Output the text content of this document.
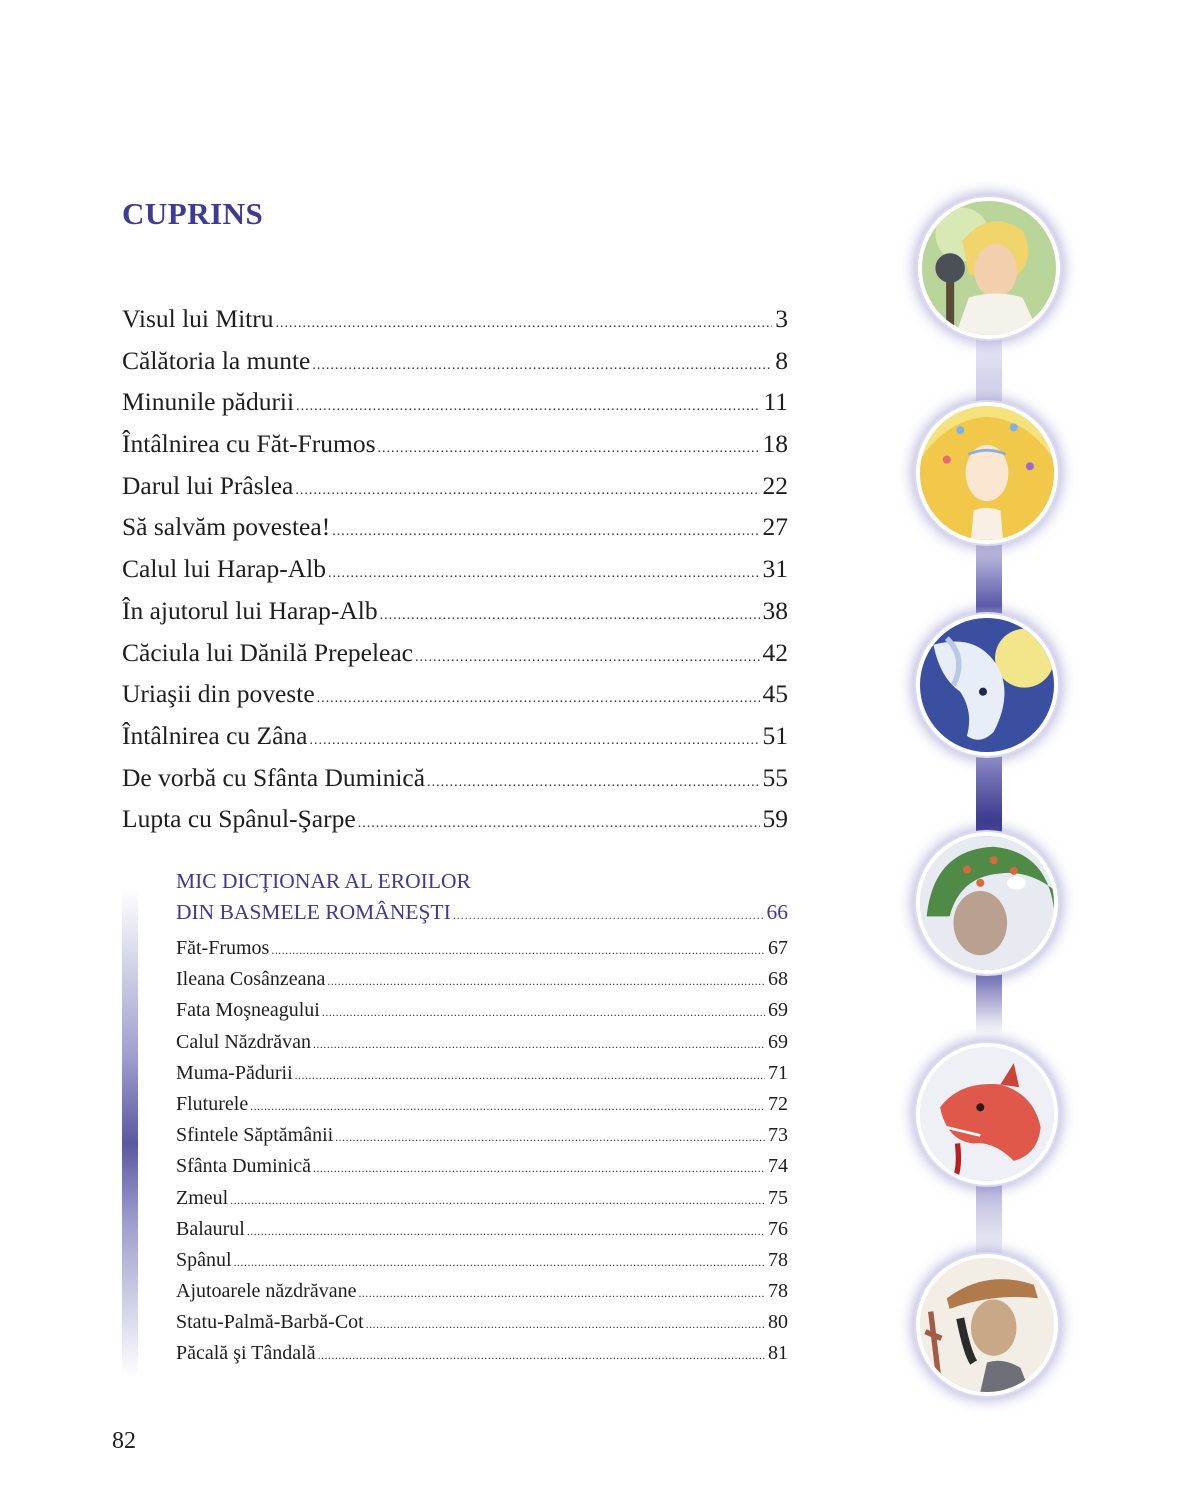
CUPRINS
Visul lui Mitru .....	3
Călătoria la munte .....	8
Minunile pădurii .....	11
Întâlnirea cu Făt-Frumos .....	18
Darul lui Prâslea .....	22
Să salvăm povestea! .....	27
Calul lui Harap-Alb .....	31
În ajutorul lui Harap-Alb .....	38
Căciula lui Dănilă Prepeleac .....	42
Uriaşii din poveste .....	45
Întâlnirea cu Zâna .....	51
De vorbă cu Sfânta Duminică .....	55
Lupta cu Spânul-Şarpe .....	59
MIC DICŢIONAR AL EROILOR
DIN BASMELE ROMÂNEŞTI .....	66
Făt-Frumos .....	67
Ileana Cosânzeana .....	68
Fata Moşneagului .....	69
Calul Năzdrăvan .....	69
Muma-Pădurii .....	71
Fluturele .....	72
Sfintele Săptămânii .....	73
Sfânta Duminică .....	74
Zmeul .....	75
Balaurul .....	76
Spânul .....	78
Ajutoarele năzdrăvane .....	78
Statu-Palmă-Barbă-Cot .....	80
Păcală şi Tândală .....	81
82
